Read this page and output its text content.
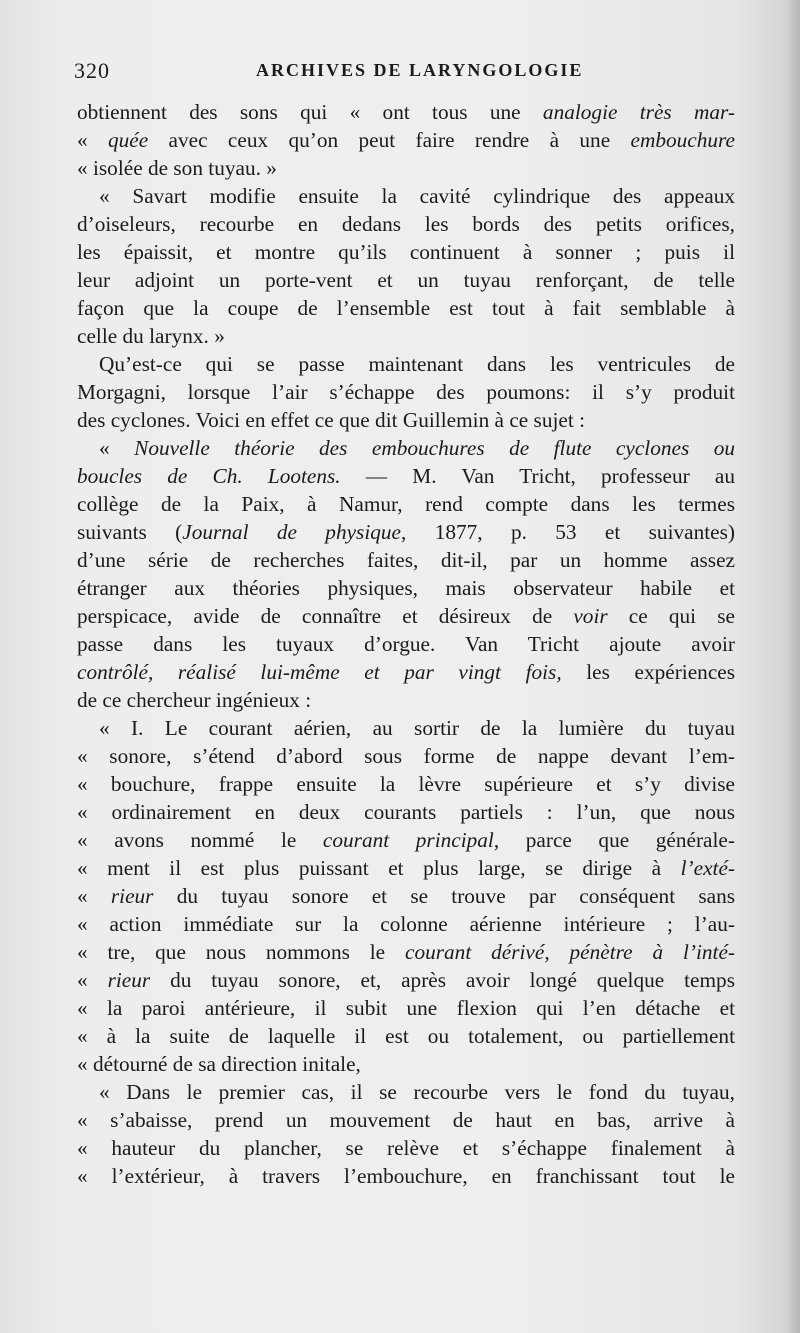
320	ARCHIVES DE LARYNGOLOGIE
obtiennent des sons qui « ont tous une analogie très mar-
« quée avec ceux qu’on peut faire rendre à une embouchure
« isolée de son tuyau. »
« Savart modifie ensuite la cavité cylindrique des appeaux
d’oiseleurs, recourbe en dedans les bords des petits orifices,
les épaissit, et montre qu’ils continuent à sonner ; puis il
leur adjoint un porte-vent et un tuyau renforçant, de telle
façon que la coupe de l’ensemble est tout à fait semblable à
celle du larynx. »
Qu’est-ce qui se passe maintenant dans les ventricules de
Morgagni, lorsque l’air s’échappe des poumons: il s’y produit
des cyclones. Voici en effet ce que dit Guillemin à ce sujet :
« Nouvelle théorie des embouchures de flute cyclones ou
boucles de Ch. Lootens. — M. Van Tricht, professeur au
collège de la Paix, à Namur, rend compte dans les termes
suivants (Journal de physique, 1877, p. 53 et suivantes)
d’une série de recherches faites, dit-il, par un homme assez
étranger aux théories physiques, mais observateur habile et
perspicace, avide de connaître et désireux de voir ce qui se
passe dans les tuyaux d’orgue. Van Tricht ajoute avoir
contrôlé, réalisé lui-même et par vingt fois, les expériences
de ce chercheur ingénieux :
« I. Le courant aérien, au sortir de la lumière du tuyau
« sonore, s’étend d’abord sous forme de nappe devant l’em-
« bouchure, frappe ensuite la lèvre supérieure et s’y divise
« ordinairement en deux courants partiels : l’un, que nous
« avons nommé le courant principal, parce que générale-
« ment il est plus puissant et plus large, se dirige à l’exté-
« rieur du tuyau sonore et se trouve par conséquent sans
« action immédiate sur la colonne aérienne intérieure ; l’au-
« tre, que nous nommons le courant dérivé, pénètre à l’inté-
« rieur du tuyau sonore, et, après avoir longé quelque temps
« la paroi antérieure, il subit une flexion qui l’en détache et
« à la suite de laquelle il est ou totalement, ou partiellement
« détourné de sa direction initale,
« Dans le premier cas, il se recourbe vers le fond du tuyau,
« s’abaisse, prend un mouvement de haut en bas, arrive à
« hauteur du plancher, se relève et s’échappe finalement à
« l’extérieur, à travers l’embouchure, en franchissant tout le
